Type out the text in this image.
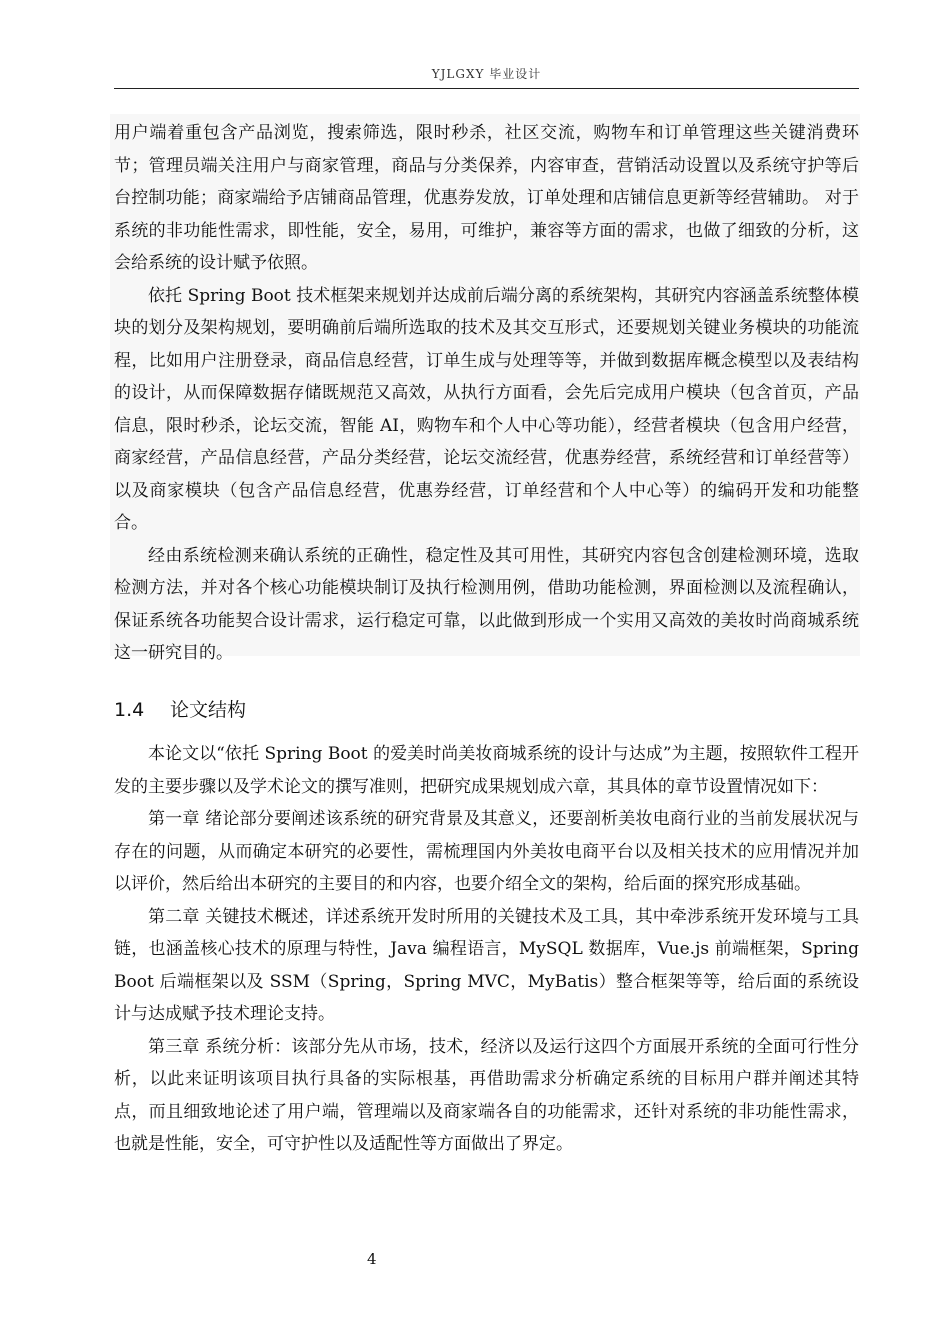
YJLGXY 毕业设计

用户端着重包含产品浏览，搜索筛选，限时秒杀，社区交流，购物车和订单管理这些关键消费环节；管理员端关注用户与商家管理，商品与分类保养，内容审查，营销活动设置以及系统守护等后台控制功能；商家端给予店铺商品管理，优惠券发放，订单处理和店铺信息更新等经营辅助。 对于系统的非功能性需求，即性能，安全，易用，可维护，兼容等方面的需求，也做了细致的分析，这会给系统的设计赋予依照。

依托 Spring Boot 技术框架来规划并达成前后端分离的系统架构，其研究内容涵盖系统整体模块的划分及架构规划，要明确前后端所选取的技术及其交互形式，还要规划关键业务模块的功能流程，比如用户注册登录，商品信息经营，订单生成与处理等等，并做到数据库概念模型以及表结构的设计，从而保障数据存储既规范又高效，从执行方面看，会先后完成用户模块（包含首页，产品信息，限时秒杀，论坛交流，智能 AI，购物车和个人中心等功能），经营者模块（包含用户经营，商家经营，产品信息经营，产品分类经营，论坛交流经营，优惠券经营，系统经营和订单经营等）以及商家模块（包含产品信息经营，优惠券经营，订单经营和个人中心等）的编码开发和功能整合。

经由系统检测来确认系统的正确性，稳定性及其可用性，其研究内容包含创建检测环境，选取检测方法，并对各个核心功能模块制订及执行检测用例，借助功能检测，界面检测以及流程确认，保证系统各功能契合设计需求，运行稳定可靠，以此做到形成一个实用又高效的美妆时尚商城系统这一研究目的。

1.4 论文结构

本论文以“依托 Spring Boot 的爱美时尚美妆商城系统的设计与达成”为主题，按照软件工程开发的主要步骤以及学术论文的撰写准则，把研究成果规划成六章，其具体的章节设置情况如下：

第一章 绪论部分要阐述该系统的研究背景及其意义，还要剖析美妆电商行业的当前发展状况与存在的问题，从而确定本研究的必要性，需梳理国内外美妆电商平台以及相关技术的应用情况并加以评价，然后给出本研究的主要目的和内容，也要介绍全文的架构，给后面的探究形成基础。

第二章 关键技术概述，详述系统开发时所用的关键技术及工具，其中牵涉系统开发环境与工具链，也涵盖核心技术的原理与特性，Java 编程语言，MySQL 数据库，Vue.js 前端框架，Spring Boot 后端框架以及 SSM（Spring，Spring MVC，MyBatis）整合框架等等，给后面的系统设计与达成赋予技术理论支持。

第三章 系统分析：该部分先从市场，技术，经济以及运行这四个方面展开系统的全面可行性分析，以此来证明该项目执行具备的实际根基，再借助需求分析确定系统的目标用户群并阐述其特点，而且细致地论述了用户端，管理端以及商家端各自的功能需求，还针对系统的非功能性需求，也就是性能，安全，可守护性以及适配性等方面做出了界定。

4
